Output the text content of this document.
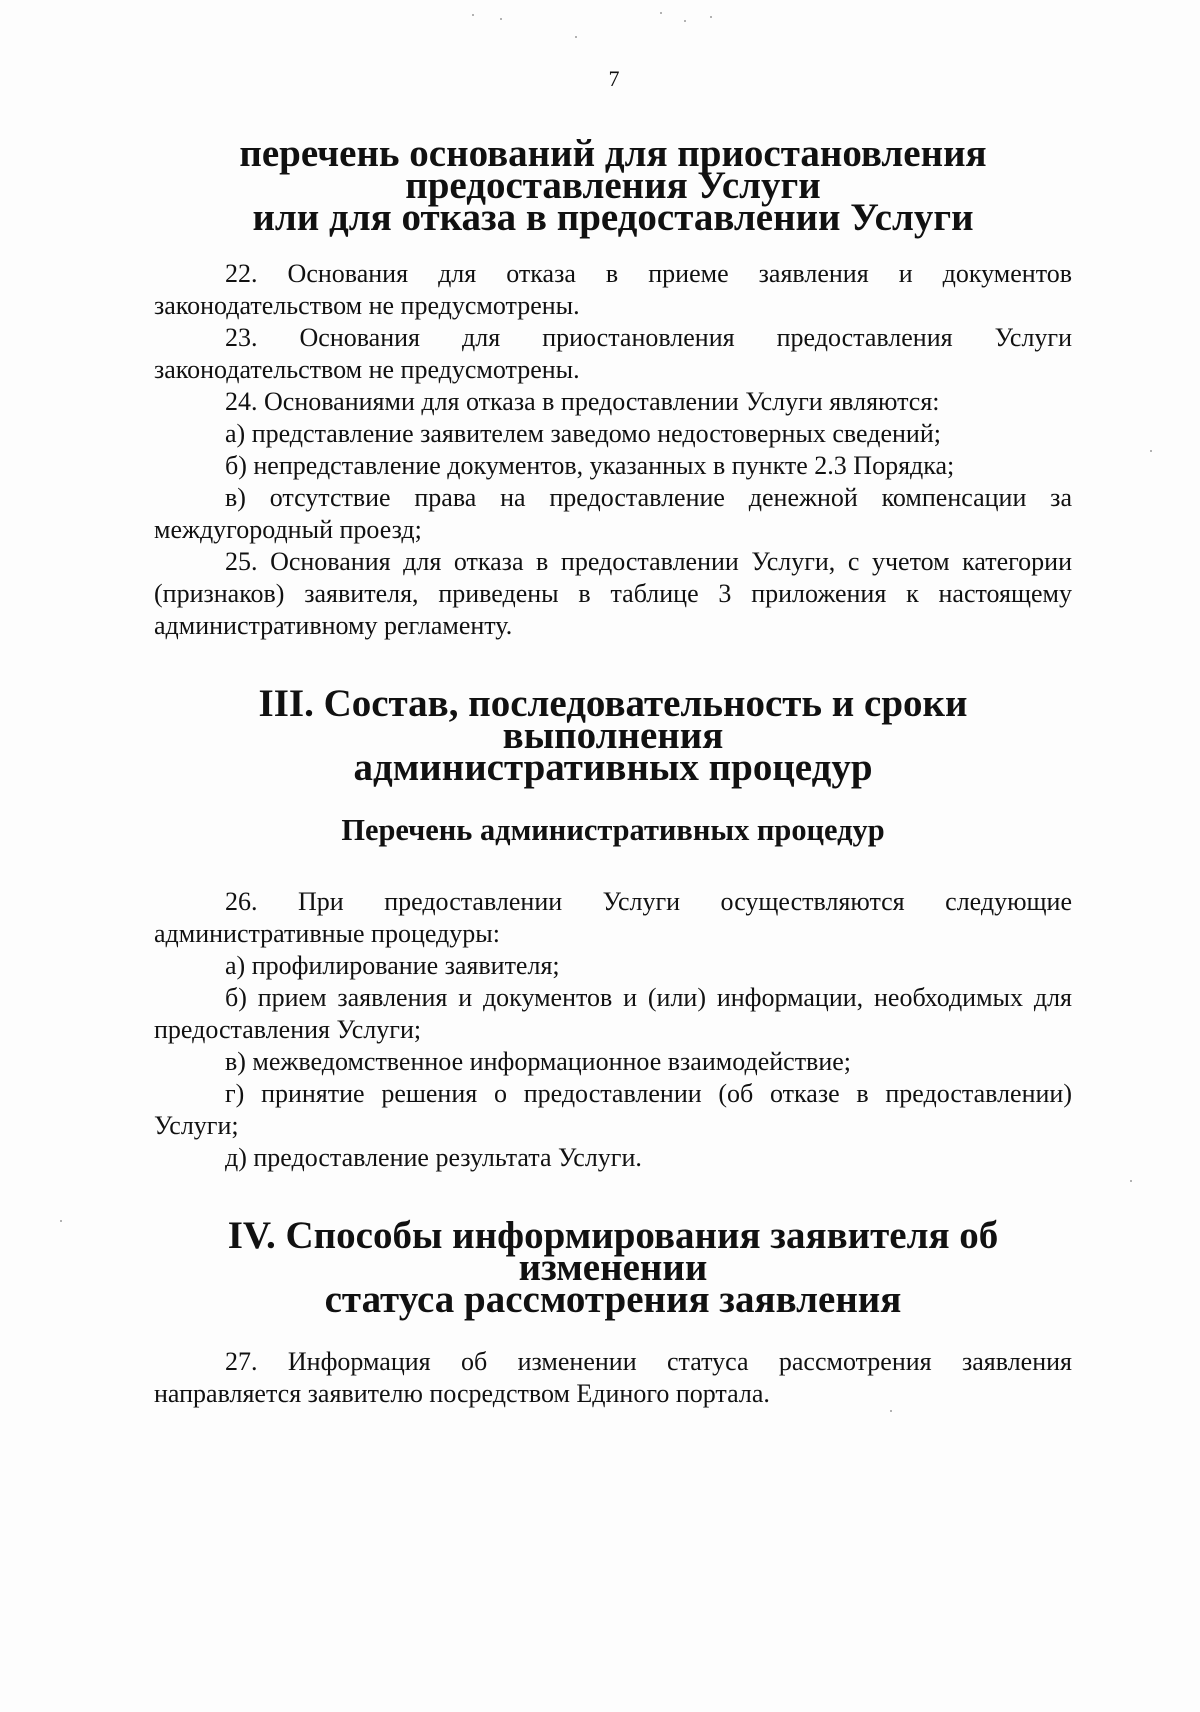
7
перечень оснований для приостановления предоставления Услуги
или для отказа в предоставлении Услуги

22. Основания для отказа в приеме заявления и документов законодательством не предусмотрены.

23. Основания для приостановления предоставления Услуги законодательством не предусмотрены.

24. Основаниями для отказа в предоставлении Услуги являются:

а) представление заявителем заведомо недостоверных сведений;

б) непредставление документов, указанных в пункте 2.3 Порядка;

в) отсутствие права на предоставление денежной компенсации за междугородный проезд;

25. Основания для отказа в предоставлении Услуги, с учетом категории (признаков) заявителя, приведены в таблице 3 приложения к настоящему административному регламенту.

III. Состав, последовательность и сроки выполнения
административных процедур
Перечень административных процедур

26. При предоставлении Услуги осуществляются следующие административные процедуры:

а) профилирование заявителя;

б) прием заявления и документов и (или) информации, необходимых для предоставления Услуги;

в) межведомственное информационное взаимодействие;

г) принятие решения о предоставлении (об отказе в предоставлении) Услуги;

д) предоставление результата Услуги.

IV. Способы информирования заявителя об изменении
статуса рассмотрения заявления

27. Информация об изменении статуса рассмотрения заявления направляется заявителю посредством Единого портала.
